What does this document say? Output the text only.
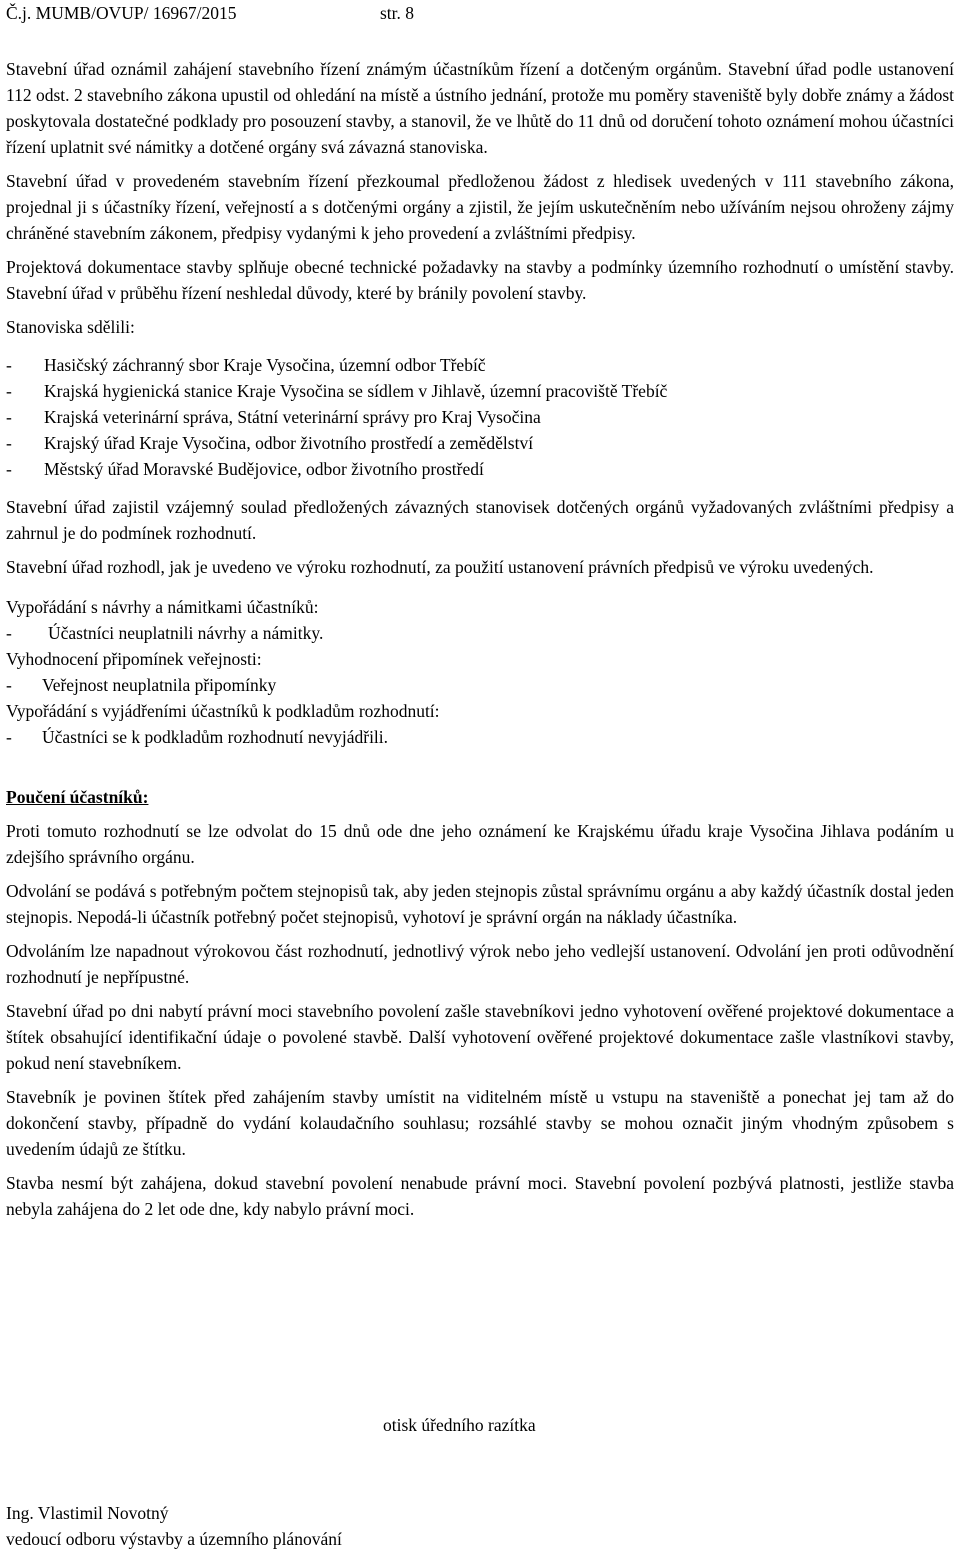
Č.j. MUMB/OVUP/ 16967/2015	str. 8

Stavební úřad oznámil zahájení stavebního řízení známým účastníkům řízení a dotčeným orgánům. Stavební úřad podle ustanovení 112 odst. 2 stavebního zákona upustil od ohledání na místě a ústního jednání, protože mu poměry staveniště byly dobře známy a žádost poskytovala dostatečné podklady pro posouzení stavby, a stanovil, že ve lhůtě do 11 dnů od doručení tohoto oznámení mohou účastníci řízení uplatnit své námitky a dotčené orgány svá závazná stanoviska.

Stavební úřad v provedeném stavebním řízení přezkoumal předloženou žádost z hledisek uvedených v 111 stavebního zákona, projednal ji s účastníky řízení, veřejností a s dotčenými orgány a zjistil, že jejím uskutečněním nebo užíváním nejsou ohroženy zájmy chráněné stavebním zákonem, předpisy vydanými k jeho provedení a zvláštními předpisy.

Projektová dokumentace stavby splňuje obecné technické požadavky na stavby a podmínky územního rozhodnutí o umístění stavby. Stavební úřad v průběhu řízení neshledal důvody, které by bránily povolení stavby.

Stanoviska sdělili:

- Hasičský záchranný sbor Kraje Vysočina, územní odbor Třebíč
- Krajská hygienická stanice Kraje Vysočina se sídlem v Jihlavě, územní pracoviště Třebíč
- Krajská veterinární správa, Státní veterinární správy pro Kraj Vysočina
- Krajský úřad Kraje Vysočina, odbor životního prostředí a zemědělství
- Městský úřad Moravské Budějovice, odbor životního prostředí

Stavební úřad zajistil vzájemný soulad předložených závazných stanovisek dotčených orgánů vyžadovaných zvláštními předpisy a zahrnul je do podmínek rozhodnutí.

Stavební úřad rozhodl, jak je uvedeno ve výroku rozhodnutí, za použití ustanovení právních předpisů ve výroku uvedených.

Vypořádání s návrhy a námitkami účastníků:
- Účastníci neuplatnili návrhy a námitky.
Vyhodnocení připomínek veřejnosti:
- Veřejnost neuplatnila připomínky
Vypořádání s vyjádřeními účastníků k podkladům rozhodnutí:
- Účastníci se k podkladům rozhodnutí nevyjádřili.
Poučení účastníků:

Proti tomuto rozhodnutí se lze odvolat do 15 dnů ode dne jeho oznámení ke Krajskému úřadu kraje Vysočina Jihlava podáním u zdejšího správního orgánu.

Odvolání se podává s potřebným počtem stejnopisů tak, aby jeden stejnopis zůstal správnímu orgánu a aby každý účastník dostal jeden stejnopis. Nepodá-li účastník potřebný počet stejnopisů, vyhotoví je správní orgán na náklady účastníka.

Odvoláním lze napadnout výrokovou část rozhodnutí, jednotlivý výrok nebo jeho vedlejší ustanovení. Odvolání jen proti odůvodnění rozhodnutí je nepřípustné.

Stavební úřad po dni nabytí právní moci stavebního povolení zašle stavebníkovi jedno vyhotovení ověřené projektové dokumentace a štítek obsahující identifikační údaje o povolené stavbě. Další vyhotovení ověřené projektové dokumentace zašle vlastníkovi stavby, pokud není stavebníkem.

Stavebník je povinen štítek před zahájením stavby umístit na viditelném místě u vstupu na staveniště a ponechat jej tam až do dokončení stavby, případně do vydání kolaudačního souhlasu; rozsáhlé stavby se mohou označit jiným vhodným způsobem s uvedením údajů ze štítku.

Stavba nesmí být zahájena, dokud stavební povolení nenabude právní moci. Stavební povolení pozbývá platnosti, jestliže stavba nebyla zahájena do 2 let ode dne, kdy nabylo právní moci.

otisk úředního razítka
Ing. Vlastimil Novotný
vedoucí odboru výstavby a územního plánování
